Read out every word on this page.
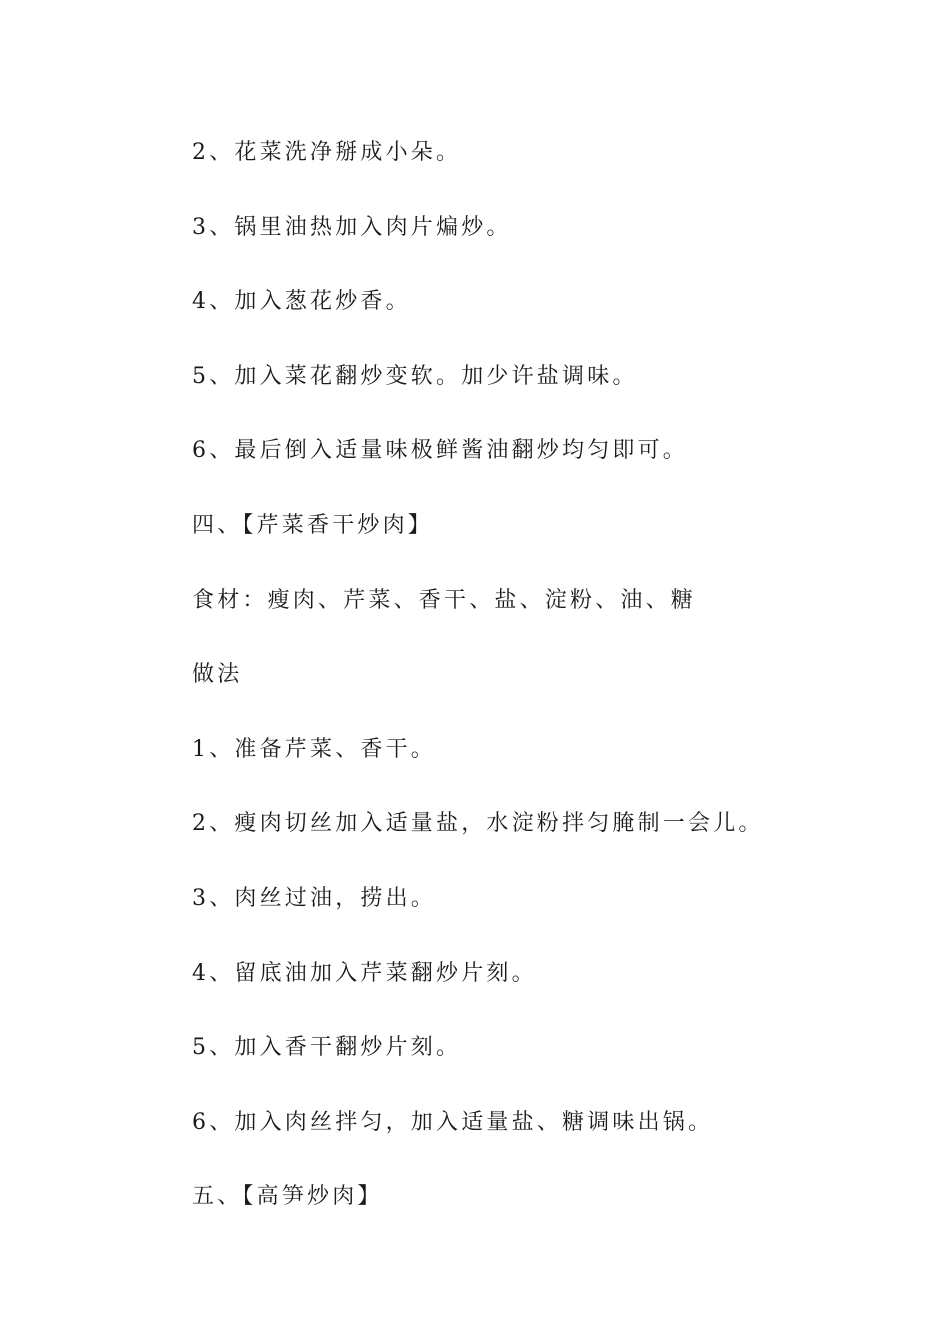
2、花菜洗净掰成小朵。

3、锅里油热加入肉片煸炒。

4、加入葱花炒香。

5、加入菜花翻炒变软。加少许盐调味。

6、最后倒入适量味极鲜酱油翻炒均匀即可。

四、【芹菜香干炒肉】

食材：瘦肉、芹菜、香干、盐、淀粉、油、糖

做法

1、准备芹菜、香干。

2、瘦肉切丝加入适量盐，水淀粉拌匀腌制一会儿。

3、肉丝过油，捞出。

4、留底油加入芹菜翻炒片刻。

5、加入香干翻炒片刻。

6、加入肉丝拌匀，加入适量盐、糖调味出锅。

五、【高笋炒肉】
